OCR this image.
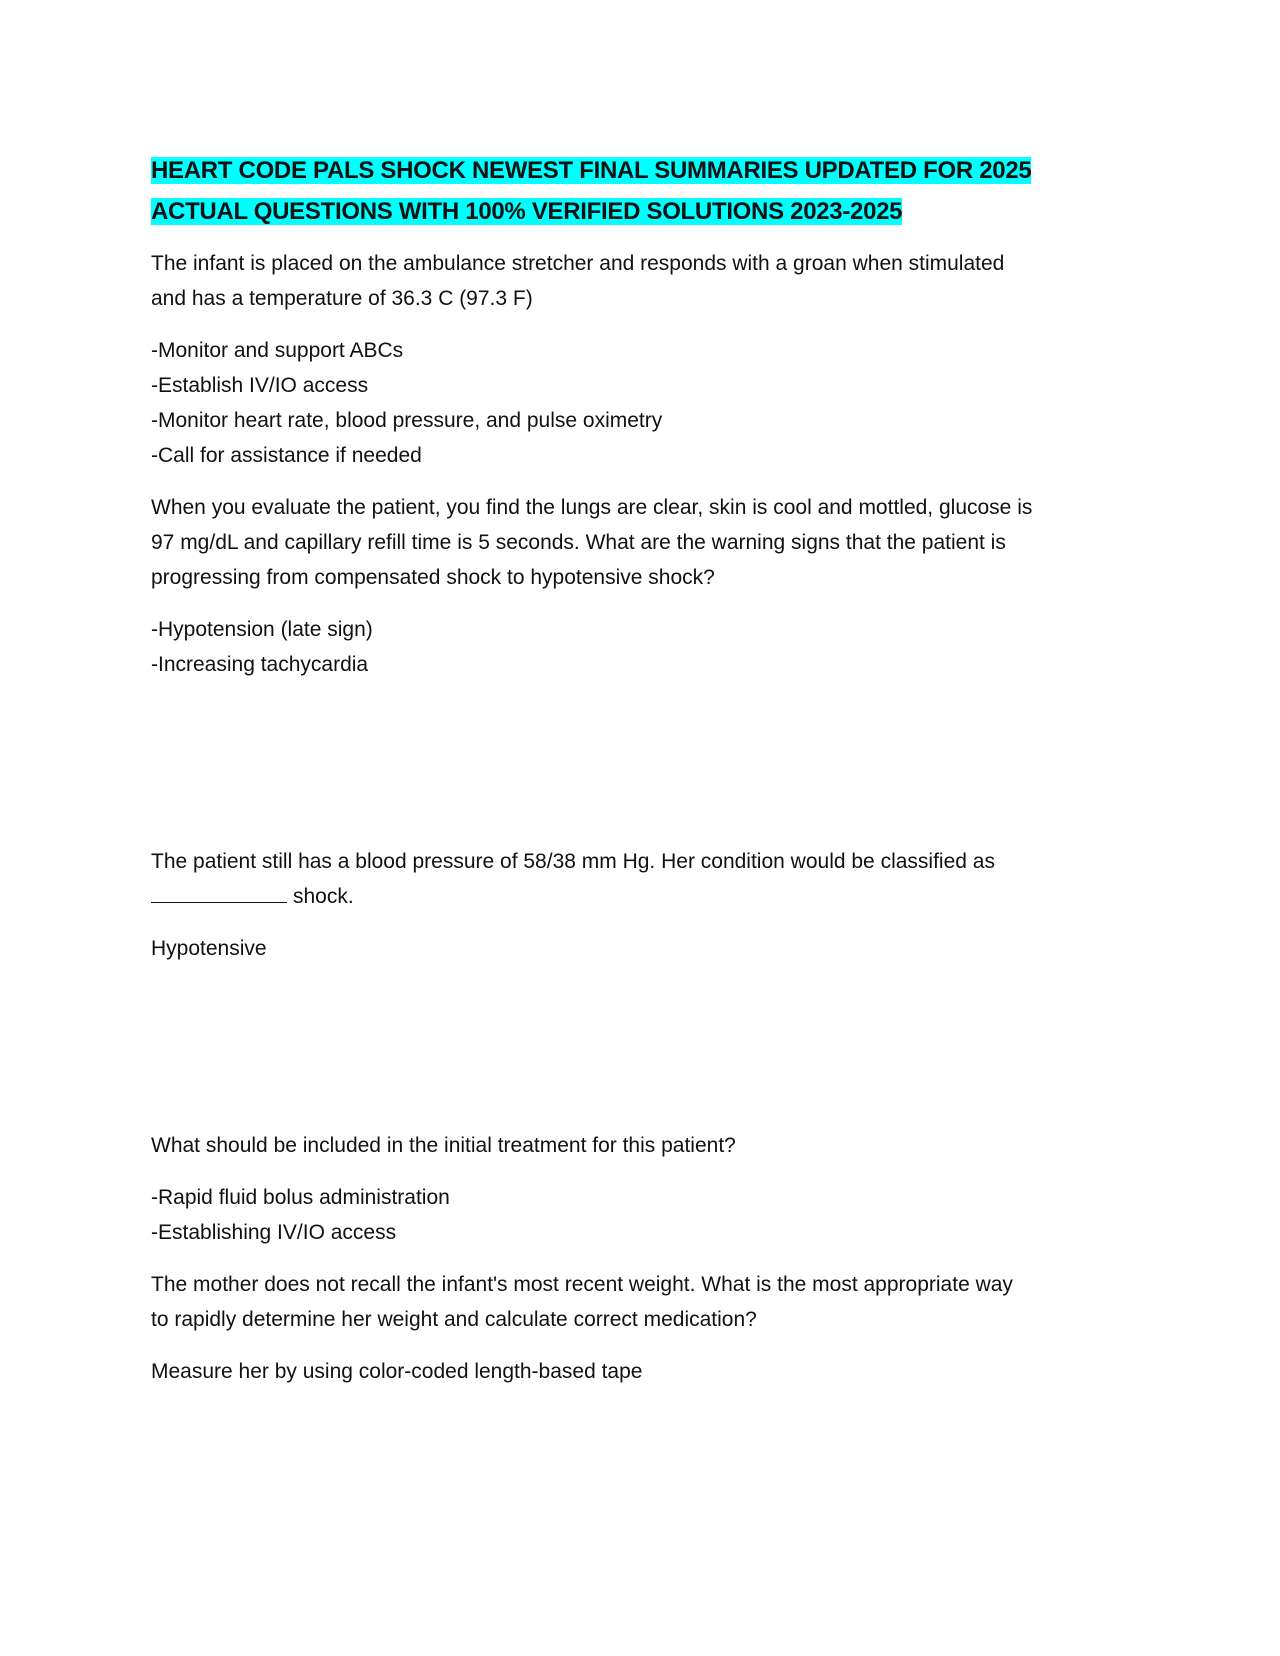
HEART CODE PALS SHOCK NEWEST FINAL SUMMARIES UPDATED FOR 2025
ACTUAL QUESTIONS WITH 100% VERIFIED SOLUTIONS 2023-2025

The infant is placed on the ambulance stretcher and responds with a groan when stimulated
and has a temperature of 36.3 C (97.3 F)

-Monitor and support ABCs

-Establish IV/IO access

-Monitor heart rate, blood pressure, and pulse oximetry

-Call for assistance if needed

When you evaluate the patient, you find the lungs are clear, skin is cool and mottled, glucose is
97 mg/dL and capillary refill time is 5 seconds. What are the warning signs that the patient is
progressing from compensated shock to hypotensive shock?

-Hypotension (late sign)

-Increasing tachycardia

The patient still has a blood pressure of 58/38 mm Hg. Her condition would be classified as

shock.

Hypotensive

What should be included in the initial treatment for this patient?

-Rapid fluid bolus administration

-Establishing IV/IO access

The mother does not recall the infant's most recent weight. What is the most appropriate way
to rapidly determine her weight and calculate correct medication?

Measure her by using color-coded length-based tape
